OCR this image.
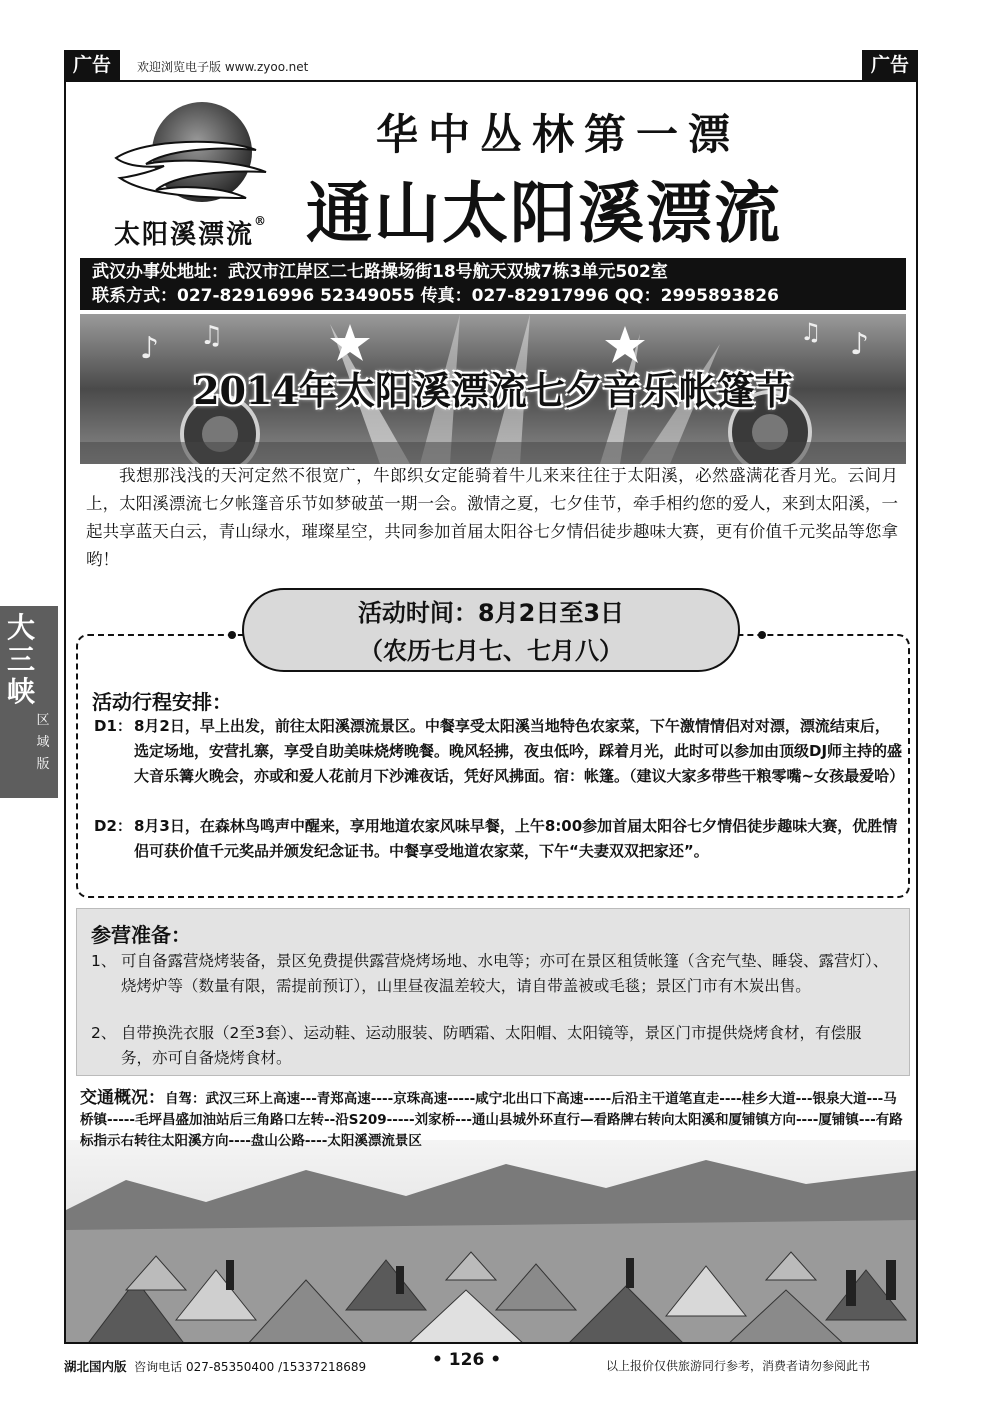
广告	欢迎浏览电子版 www.zyoo.net	广告
太阳溪漂流®
华中丛林第一漂
通山太阳溪漂流
武汉办事处地址：武汉市江岸区二七路操场街18号航天双城7栋3单元502室
联系方式：027-82916996 52349055 传真：027-82917996 QQ：2995893826
♪ ♫	♪
♫
2014年太阳溪漂流七夕音乐帐篷节

我想那浅浅的天河定然不很宽广，牛郎织女定能骑着牛儿来来往往于太阳溪，必然盛满花香月光。云间月上，太阳溪漂流七夕帐篷音乐节如梦破茧一期一会。激情之夏，七夕佳节，牵手相约您的爱人，来到太阳溪，一起共享蓝天白云，青山绿水，璀璨星空，共同参加首届太阳谷七夕情侣徒步趣味大赛，更有价值千元奖品等您拿哟！

活动时间：8月2日至3日
（农历七月七、七月八）
活动行程安排：
D1： 8月2日，早上出发，前往太阳溪漂流景区。中餐享受太阳溪当地特色农家菜，下午激情情侣对对漂，漂流结束后，选定场地，安营扎寨，享受自助美味烧烤晚餐。晚风轻拂，夜虫低吟，踩着月光，此时可以参加由顶级DJ师主持的盛大音乐篝火晚会，亦或和爱人花前月下沙滩夜话，凭好风拂面。宿：帐篷。（建议大家多带些干粮零嘴~女孩最爱哈）
D2： 8月3日，在森林鸟鸣声中醒来，享用地道农家风味早餐，上午8:00参加首届太阳谷七夕情侣徒步趣味大赛，优胜情侣可获价值千元奖品并颁发纪念证书。中餐享受地道农家菜，下午“夫妻双双把家还”。
参营准备：
1、 可自备露营烧烤装备，景区免费提供露营烧烤场地、水电等；亦可在景区租赁帐篷（含充气垫、睡袋、露营灯）、烧烤炉等（数量有限，需提前预订），山里昼夜温差较大，请自带盖被或毛毯；景区门市有木炭出售。
2、 自带换洗衣服（2至3套）、运动鞋、运动服装、防晒霜、太阳帽、太阳镜等，景区门市提供烧烤食材，有偿服务，亦可自备烧烤食材。
交通概况：自驾：武汉三环上高速---青郑高速----京珠高速-----咸宁北出口下高速-----后沿主干道笔直走----桂乡大道---银泉大道---马桥镇-----毛坪昌盛加油站后三角路口左转--沿S209-----刘家桥---通山县城外环直行—看路牌右转向太阳溪和厦铺镇方向----厦铺镇---有路标指示右转往太阳溪方向----盘山公路----太阳溪漂流景区
大三峡
区域版
湖北国内版 咨询电话 027-85350400 /15337218689	• 126 •	以上报价仅供旅游同行参考，消费者请勿参阅此书
